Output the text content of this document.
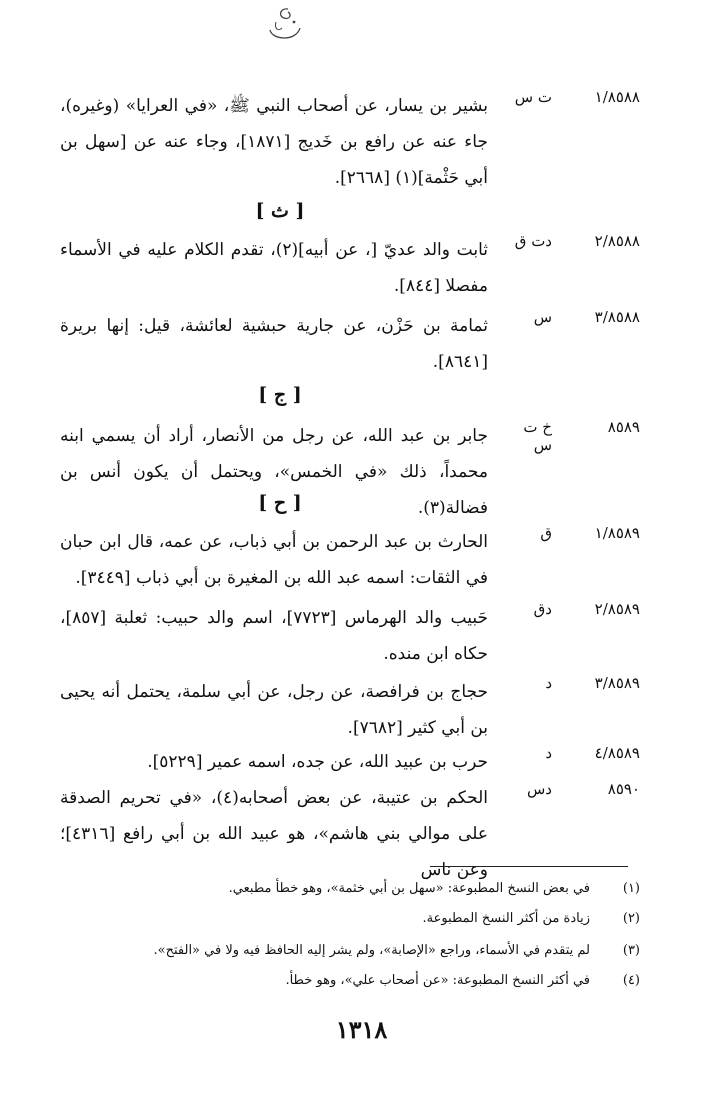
١/٨٥٨٨
ت س
بشير بن يسار، عن أصحاب النبي ﷺ، «في العرايا» (وغيره)، جاء عنه عن رافع بن خَديج [١٨٧١]، وجاء عنه عن [سهل بن أبي حَثْمة](١) [٢٦٦٨].
[ ث ]
٢/٨٥٨٨
دت ق
ثابت والد عديّ [، عن أبيه](٢)، تقدم الكلام عليه في الأسماء مفصلا [٨٤٤].
٣/٨٥٨٨
س
ثمامة بن حَزْن، عن جارية حبشية لعائشة، قيل: إنها بريرة [٨٦٤١].
[ ج ]
٨٥٨٩
خ ت س
جابر بن عبد الله، عن رجل من الأنصار، أراد أن يسمي ابنه محمداً، ذلك «في الخمس»، ويحتمل أن يكون أنس بن فضالة(٣).
[ ح ]
١/٨٥٨٩
ق
الحارث بن عبد الرحمن بن أبي ذباب، عن عمه، قال ابن حبان في الثقات: اسمه عبد الله بن المغيرة بن أبي ذباب [٣٤٤٩].
٢/٨٥٨٩
دق
حَبيب والد الهرماس [٧٧٢٣]، اسم والد حبيب: ثعلبة [٨٥٧]، حكاه ابن منده.
٣/٨٥٨٩
د
حجاج بن فرافصة، عن رجل، عن أبي سلمة، يحتمل أنه يحيى بن أبي كثير [٧٦٨٢].
٤/٨٥٨٩
د
حرب بن عبيد الله، عن جده، اسمه عمير [٥٢٢٩].
٨٥٩٠
دس
الحكم بن عتيبة، عن بعض أصحابه(٤)، «في تحريم الصدقة على موالي بني هاشم»، هو عبيد الله بن أبي رافع [٤٣١٦]؛ وعن ناس
(١)
في بعض النسخ المطبوعة: «سهل بن أبي خثمة»، وهو خطأ مطبعي.
(٢)
زيادة من أكثر النسخ المطبوعة.
(٣)
لم يتقدم في الأسماء، وراجع «الإصابة»، ولم يشر إليه الحافظ فيه ولا في «الفتح».
(٤)
في أكثر النسخ المطبوعة: «عن أصحاب علي»، وهو خطأ.
١٣١٨
